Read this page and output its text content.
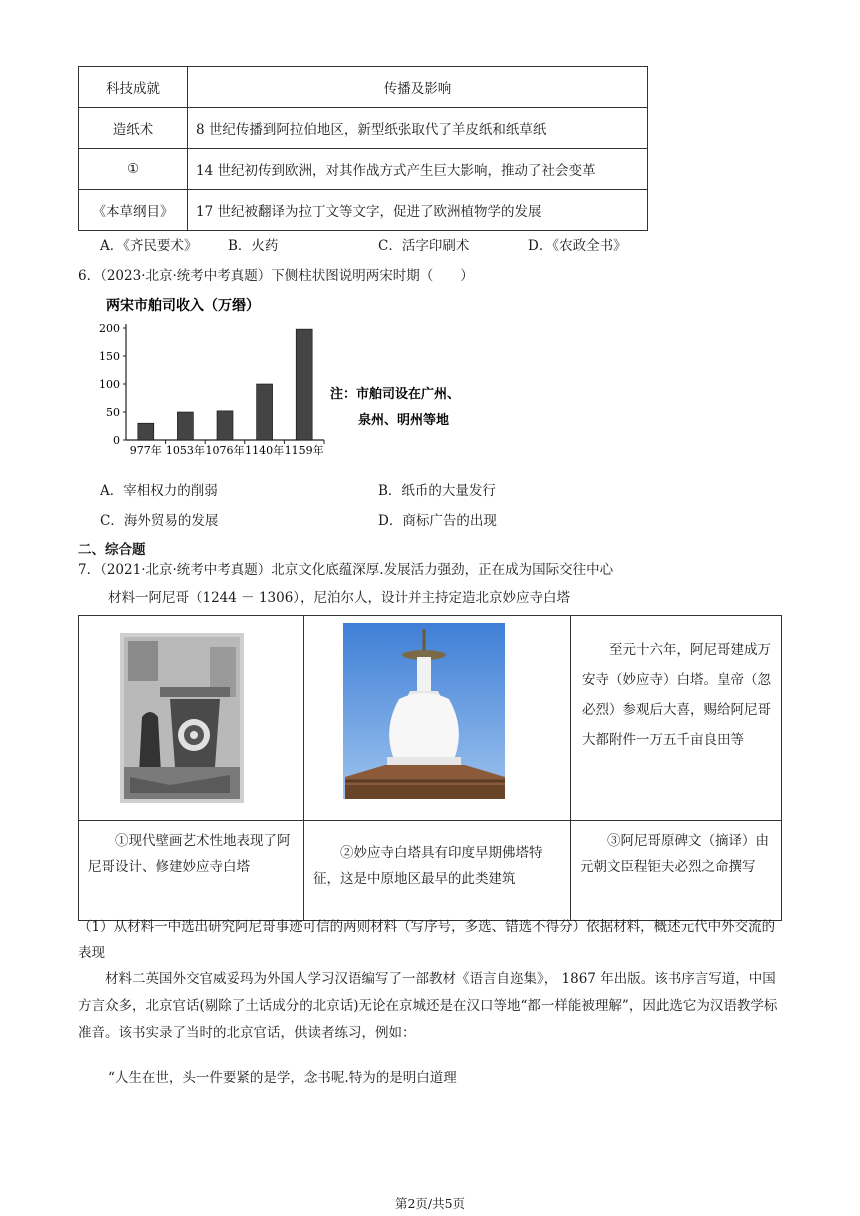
科技成就	传播及影响
造纸术	8 世纪传播到阿拉伯地区，新型纸张取代了羊皮纸和纸草纸
①	14 世纪初传到欧洲，对其作战方式产生巨大影响，推动了社会变革
《本草纲目》	17 世纪被翻译为拉丁文等文字，促进了欧洲植物学的发展
A．《齐民要术》 B．火药	C．活字印刷术	D．《农政全书》
6．（2023·北京·统考中考真题）下侧柱状图说明两宋时期（　　）
两宋市舶司收入（万缗）
0
50
100
150
200
977年 1053年 1076年 1140年 1159年
注：市舶司设在广州、
泉州、明州等地
A．宰相权力的削弱	B．纸币的大量发行
C．海外贸易的发展	D．商标广告的出现
二、综合题
7．（2021·北京·统考中考真题）北京文化底蕴深厚.发展活力强劲，正在成为国际交往中心
材料一阿尼哥（1244 － 1306），尼泊尔人，设计并主持定造北京妙应寺白塔

至元十六年，阿尼哥建成万安寺（妙应寺）白塔。皇帝（忽必烈）参观后大喜，赐给阿尼哥大都附件一万五千亩良田等

①现代壁画艺术性地表现了阿尼哥设计、修建妙应寺白塔	②妙应寺白塔具有印度早期佛塔特征，这是中原地区最早的此类建筑	③阿尼哥原碑文（摘译）由元朝文臣程钜夫必烈之命撰写
（1）从材料一中选出研究阿尼哥事迹可信的两则材料（写序号，多选、错选不得分）依据材料，概述元代中外交流的表现
材料二英国外交官威妥玛为外国人学习汉语编写了一部教材《语言自迩集》， 1867 年出版。该书序言写道，中国方言众多，北京官话(剔除了土话成分的北京话)无论在京城还是在汉口等地“都一样能被理解”，因此选它为汉语教学标准音。该书实录了当时的北京官话，供读者练习，例如：
“人生在世，头一件要紧的是学，念书呢.特为的是明白道理
第2页/共5页
